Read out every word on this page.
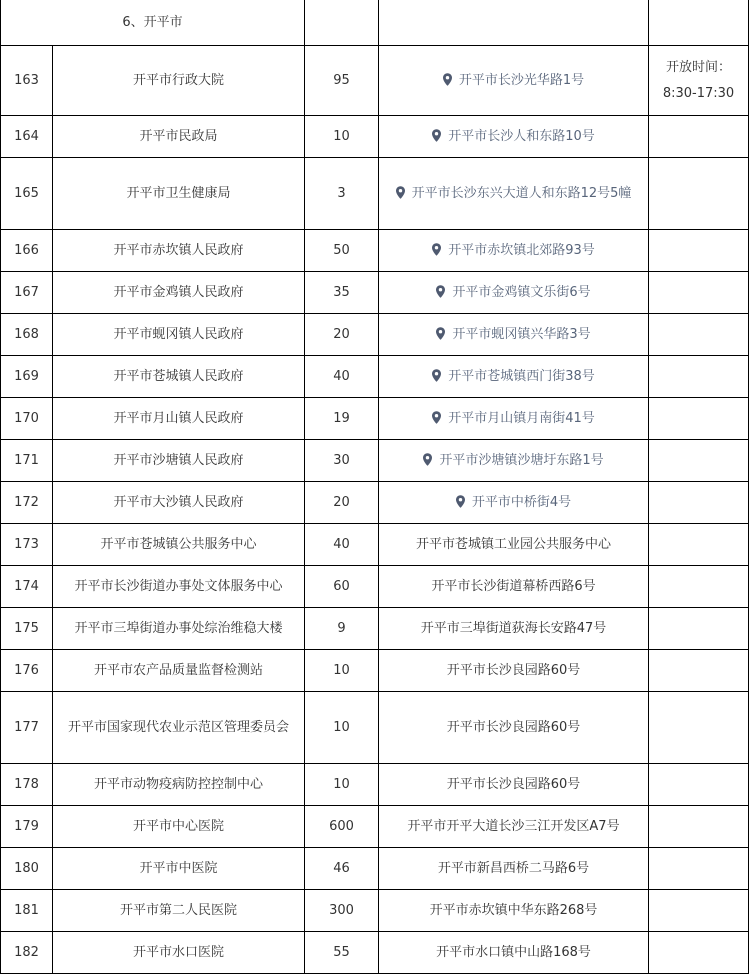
6、开平市				
163	开平市行政大院	95	开平市长沙光华路1号	开放时间：
8:30-17:30

164	开平市民政局	10	开平市长沙人和东路10号	
165	开平市卫生健康局	3	开平市长沙东兴大道人和东路12号5幢	
166	开平市赤坎镇人民政府	50	开平市赤坎镇北郊路93号	
167	开平市金鸡镇人民政府	35	开平市金鸡镇文乐街6号	
168	开平市蚬冈镇人民政府	20	开平市蚬冈镇兴华路3号	
169	开平市苍城镇人民政府	40	开平市苍城镇西门街38号	
170	开平市月山镇人民政府	19	开平市月山镇月南街41号	
171	开平市沙塘镇人民政府	30	开平市沙塘镇沙塘圩东路1号	
172	开平市大沙镇人民政府	20	开平市中桥街4号	
173	开平市苍城镇公共服务中心	40	开平市苍城镇工业园公共服务中心	
174	开平市长沙街道办事处文体服务中心	60	开平市长沙街道幕桥西路6号	
175	开平市三埠街道办事处综治维稳大楼	9	开平市三埠街道荻海长安路47号	
176	开平市农产品质量监督检测站	10	开平市长沙良园路60号	
177	开平市国家现代农业示范区管理委员会	10	开平市长沙良园路60号	
178	开平市动物疫病防控控制中心	10	开平市长沙良园路60号	
179	开平市中心医院	600	开平市开平大道长沙三江开发区A7号	
180	开平市中医院	46	开平市新昌西桥二马路6号	
181	开平市第二人民医院	300	开平市赤坎镇中华东路268号	
182	开平市水口医院	55	开平市水口镇中山路168号	
